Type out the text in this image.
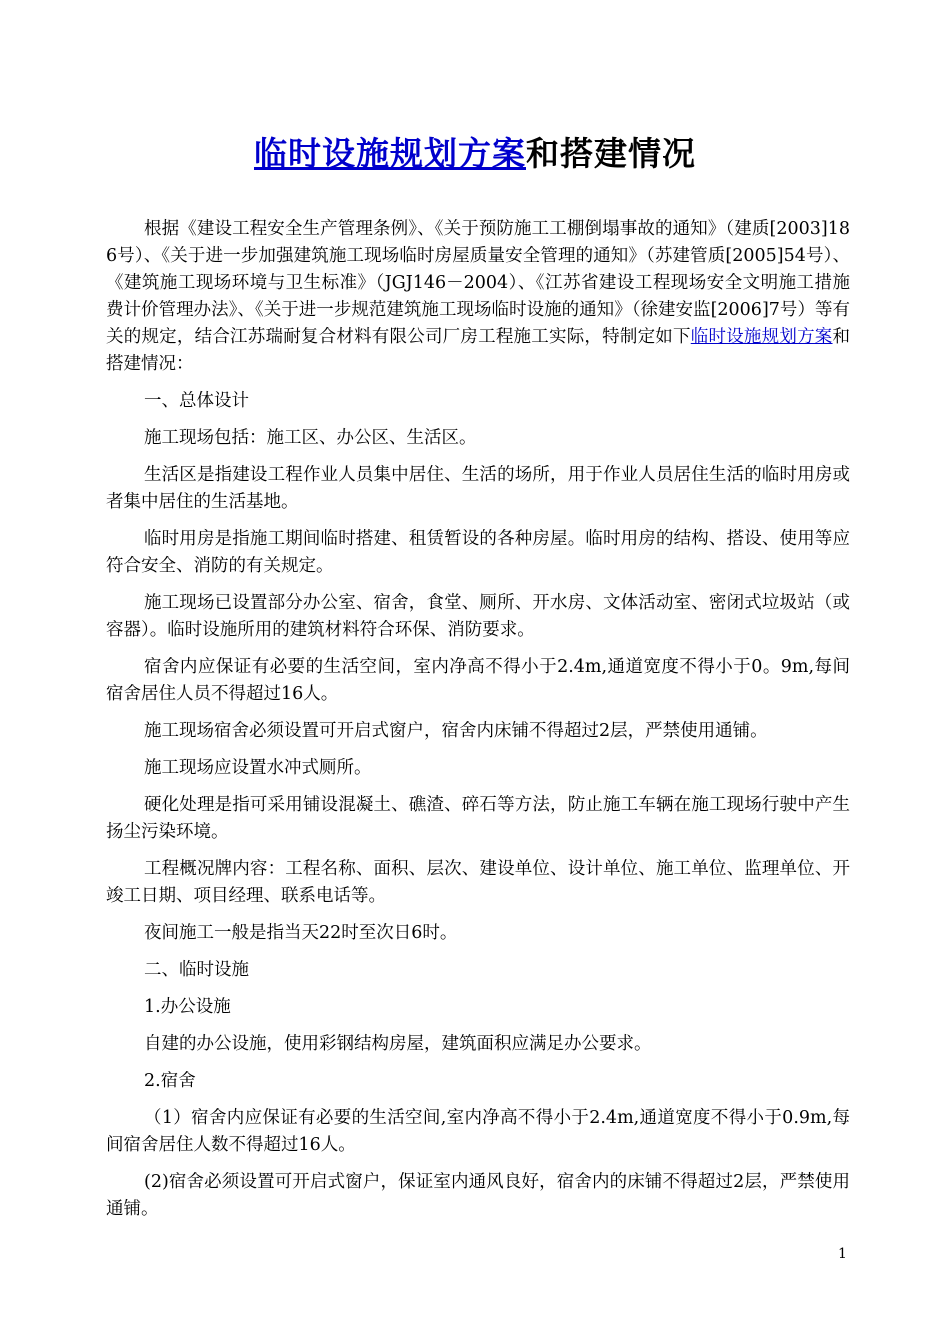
临时设施规划方案和搭建情况

根据《建设工程安全生产管理条例》、《关于预防施工工棚倒塌事故的通知》（建质[2003]186号）、《关于进一步加强建筑施工现场临时房屋质量安全管理的通知》（苏建管质[2005]54号）、《建筑施工现场环境与卫生标准》（JGJ146－2004）、《江苏省建设工程现场安全文明施工措施费计价管理办法》、《关于进一步规范建筑施工现场临时设施的通知》（徐建安监[2006]7号）等有关的规定，结合江苏瑞耐复合材料有限公司厂房工程施工实际，特制定如下临时设施规划方案和搭建情况：

一、总体设计

施工现场包括：施工区、办公区、生活区。

生活区是指建设工程作业人员集中居住、生活的场所，用于作业人员居住生活的临时用房或者集中居住的生活基地。

临时用房是指施工期间临时搭建、租赁暂设的各种房屋。临时用房的结构、搭设、使用等应符合安全、消防的有关规定。

施工现场已设置部分办公室、宿舍，食堂、厕所、开水房、文体活动室、密闭式垃圾站（或容器）。临时设施所用的建筑材料符合环保、消防要求。

宿舍内应保证有必要的生活空间，室内净高不得小于2.4m,通道宽度不得小于0。9m,每间宿舍居住人员不得超过16人。

施工现场宿舍必须设置可开启式窗户，宿舍内床铺不得超过2层，严禁使用通铺。

施工现场应设置水冲式厕所。

硬化处理是指可采用铺设混凝土、礁渣、碎石等方法，防止施工车辆在施工现场行驶中产生扬尘污染环境。

工程概况牌内容：工程名称、面积、层次、建设单位、设计单位、施工单位、监理单位、开竣工日期、项目经理、联系电话等。

夜间施工一般是指当天22时至次日6时。

二、临时设施

1.办公设施

自建的办公设施，使用彩钢结构房屋，建筑面积应满足办公要求。

2.宿舍

（1）宿舍内应保证有必要的生活空间,室内净高不得小于2.4m,通道宽度不得小于0.9m,每间宿舍居住人数不得超过16人。

(2)宿舍必须设置可开启式窗户，保证室内通风良好，宿舍内的床铺不得超过2层，严禁使用通铺。

1
